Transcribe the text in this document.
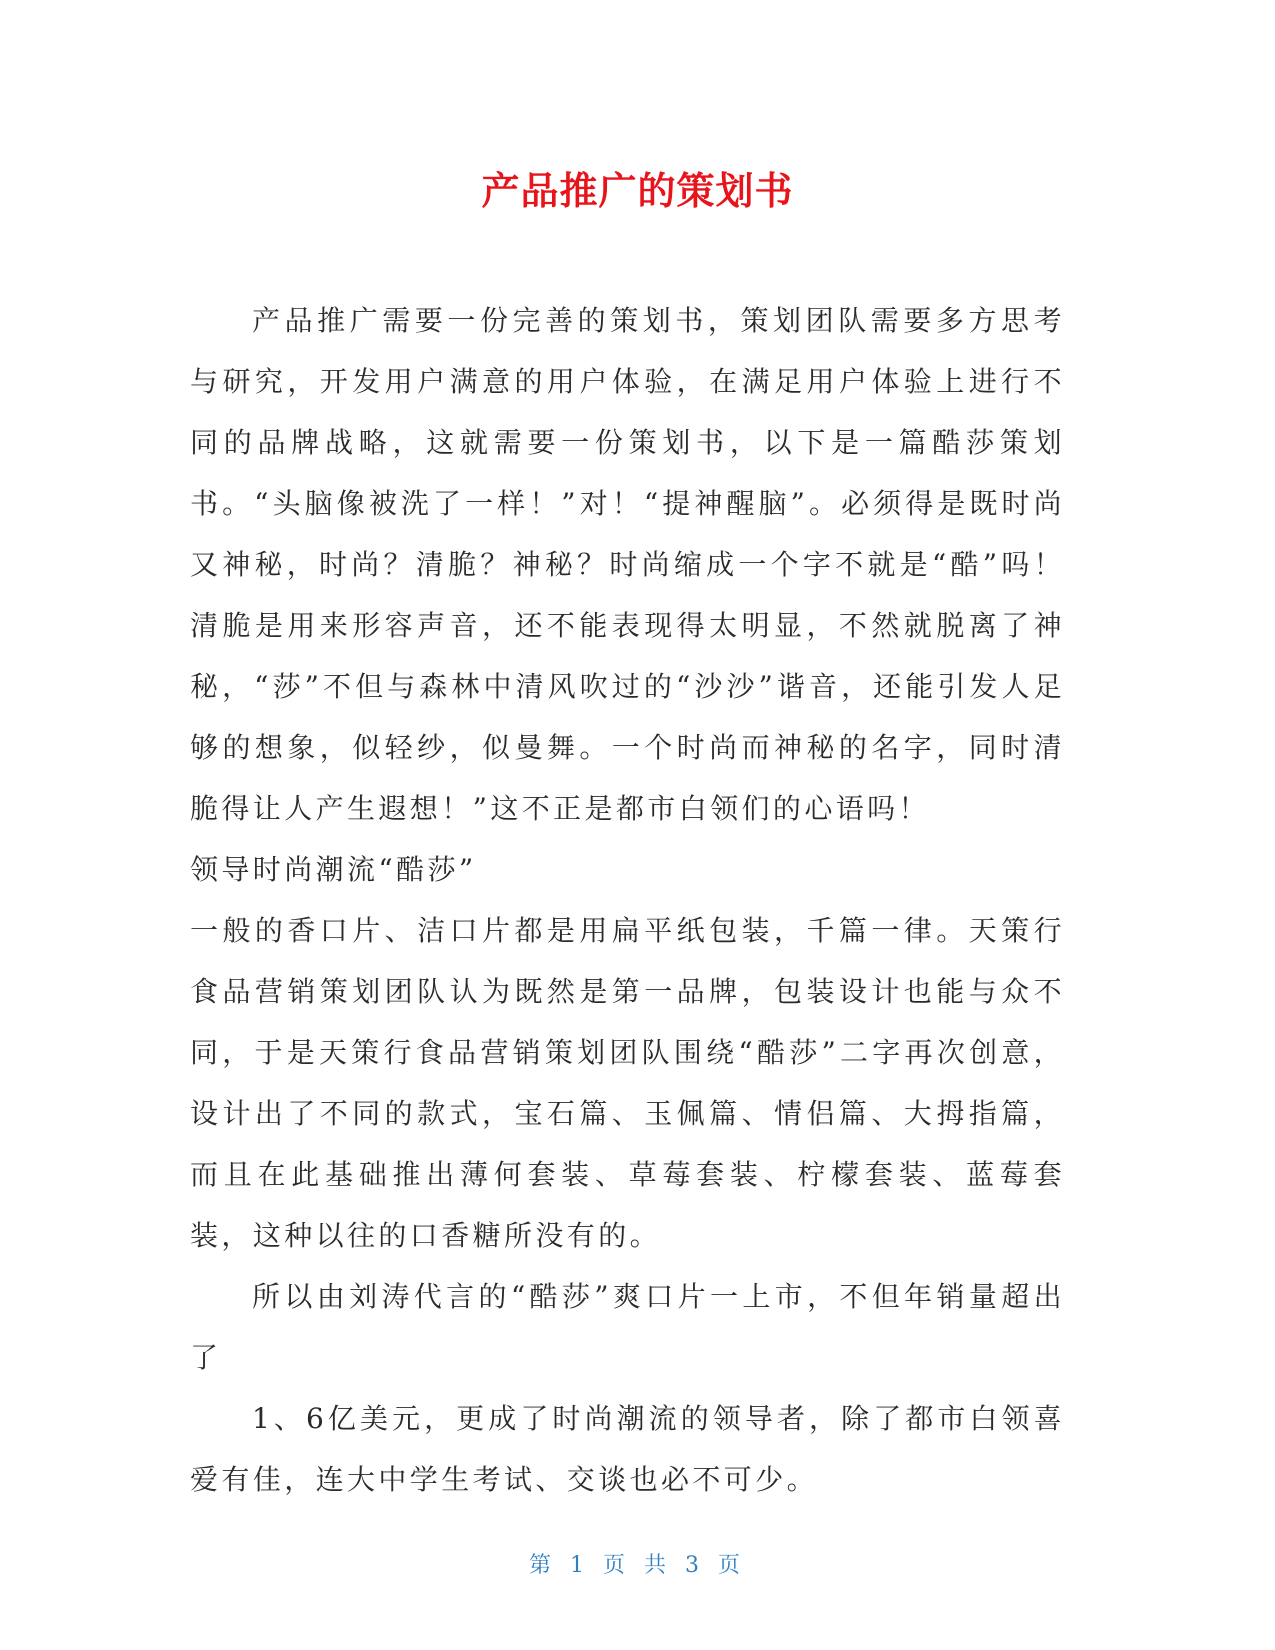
产品推广的策划书

产品推广需要一份完善的策划书，策划团队需要多方思考与研究，开发用户满意的用户体验，在满足用户体验上进行不同的品牌战略，这就需要一份策划书，以下是一篇酷莎策划书。“头脑像被洗了一样！”对！“提神醒脑”。必须得是既时尚又神秘，时尚？清脆？神秘？时尚缩成一个字不就是“酷”吗！清脆是用来形容声音，还不能表现得太明显，不然就脱离了神秘，“莎”不但与森林中清风吹过的“沙沙”谐音，还能引发人足够的想象，似轻纱，似曼舞。一个时尚而神秘的名字，同时清脆得让人产生遐想！”这不正是都市白领们的心语吗！

领导时尚潮流“酷莎”

一般的香口片、洁口片都是用扁平纸包装，千篇一律。天策行食品营销策划团队认为既然是第一品牌，包装设计也能与众不同，于是天策行食品营销策划团队围绕“酷莎”二字再次创意，设计出了不同的款式，宝石篇、玉佩篇、情侣篇、大拇指篇，而且在此基础推出薄何套装、草莓套装、柠檬套装、蓝莓套装，这种以往的口香糖所没有的。

所以由刘涛代言的“酷莎”爽口片一上市，不但年销量超出了

1、6亿美元，更成了时尚潮流的领导者，除了都市白领喜爱有佳，连大中学生考试、交谈也必不可少。

第 1 页 共 3 页
